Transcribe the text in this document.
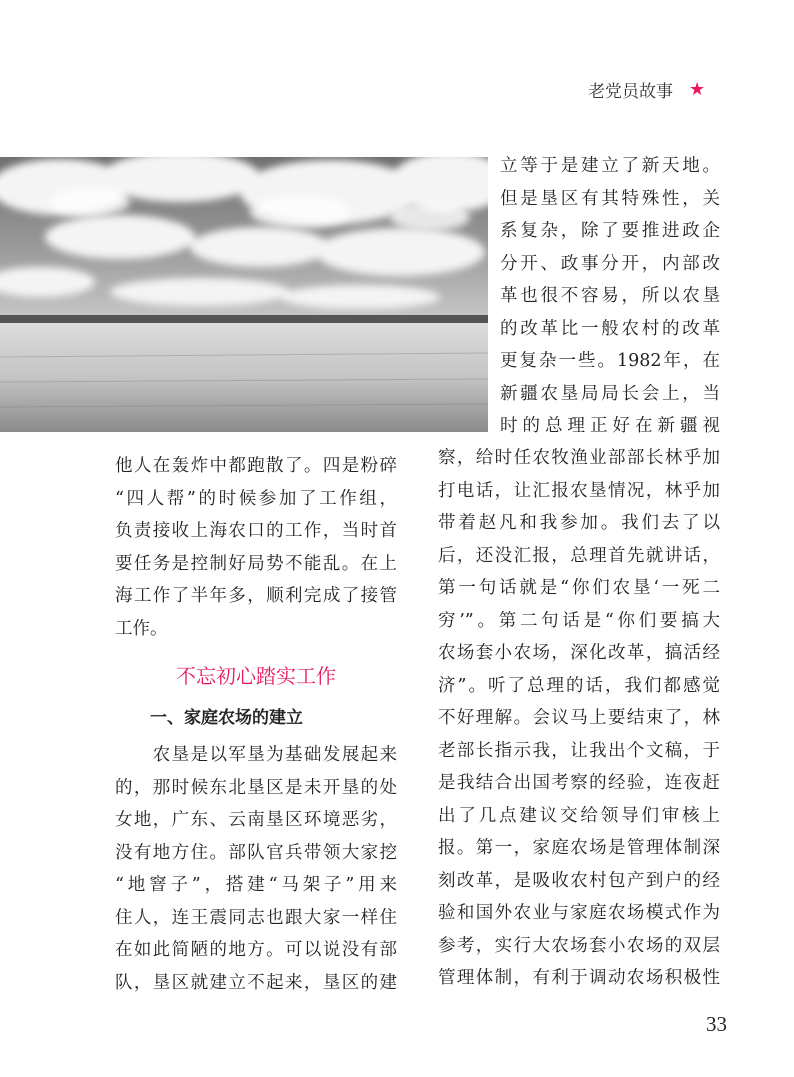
老党员故事 ★
立等于是建立了新天地。
但是垦区有其特殊性，关
系复杂，除了要推进政企
分开、政事分开，内部改
革也很不容易，所以农垦
的改革比一般农村的改革
更复杂一些。1982年，在
新疆农垦局局长会上，当
时的总理正好在新疆视
察，给时任农牧渔业部部长林乎加
打电话，让汇报农垦情况，林乎加
带着赵凡和我参加。我们去了以
后，还没汇报，总理首先就讲话，
第一句话就是“你们农垦‘一死二
穷’”。第二句话是“你们要搞大
农场套小农场，深化改革，搞活经
济”。听了总理的话，我们都感觉
不好理解。会议马上要结束了，林
老部长指示我，让我出个文稿，于
是我结合出国考察的经验，连夜赶
出了几点建议交给领导们审核上
报。第一，家庭农场是管理体制深
刻改革，是吸收农村包产到户的经
验和国外农业与家庭农场模式作为
参考，实行大农场套小农场的双层
管理体制，有利于调动农场积极性
他人在轰炸中都跑散了。四是粉碎
“四人帮”的时候参加了工作组，
负责接收上海农口的工作，当时首
要任务是控制好局势不能乱。在上
海工作了半年多，顺利完成了接管
工作。
不忘初心踏实工作
一、家庭农场的建立
　　农垦是以军垦为基础发展起来
的，那时候东北垦区是未开垦的处
女地，广东、云南垦区环境恶劣，
没有地方住。部队官兵带领大家挖
“地窨子”，搭建“马架子”用来
住人，连王震同志也跟大家一样住
在如此简陋的地方。可以说没有部
队，垦区就建立不起来，垦区的建
33
